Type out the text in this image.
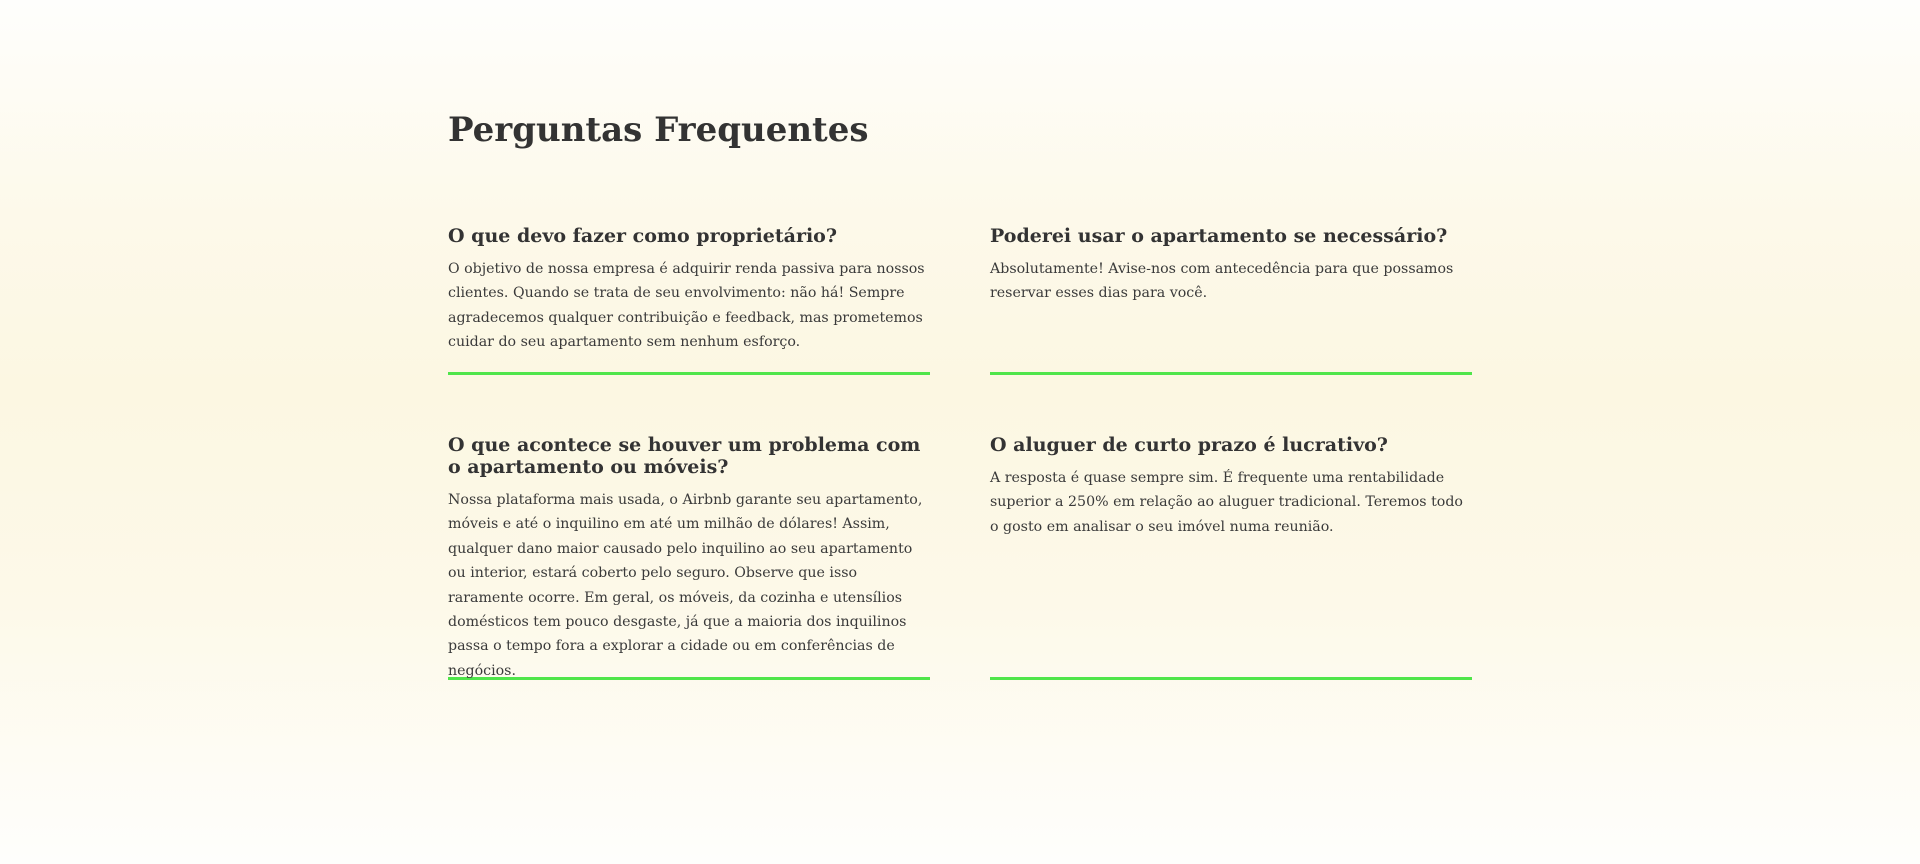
Perguntas Frequentes
O que devo fazer como proprietário?

O objetivo de nossa empresa é adquirir renda passiva para nossos clientes. Quando se trata de seu envolvimento: não há! Sempre agradecemos qualquer contribuição e feedback, mas prometemos cuidar do seu apartamento sem nenhum esforço.

Poderei usar o apartamento se necessário?

Absolutamente! Avise-nos com antecedência para que possamos reservar esses dias para você.

O que acontece se houver um problema com o apartamento ou móveis?

Nossa plataforma mais usada, o Airbnb garante seu apartamento, móveis e até o inquilino em até um milhão de dólares! Assim, qualquer dano maior causado pelo inquilino ao seu apartamento ou interior, estará coberto pelo seguro. Observe que isso raramente ocorre. Em geral, os móveis, da cozinha e utensílios domésticos tem pouco desgaste, já que a maioria dos inquilinos passa o tempo fora a explorar a cidade ou em conferências de negócios.

O aluguer de curto prazo é lucrativo?

A resposta é quase sempre sim. É frequente uma rentabilidade superior a 250% em relação ao aluguer tradicional. Teremos todo o gosto em analisar o seu imóvel numa reunião.
